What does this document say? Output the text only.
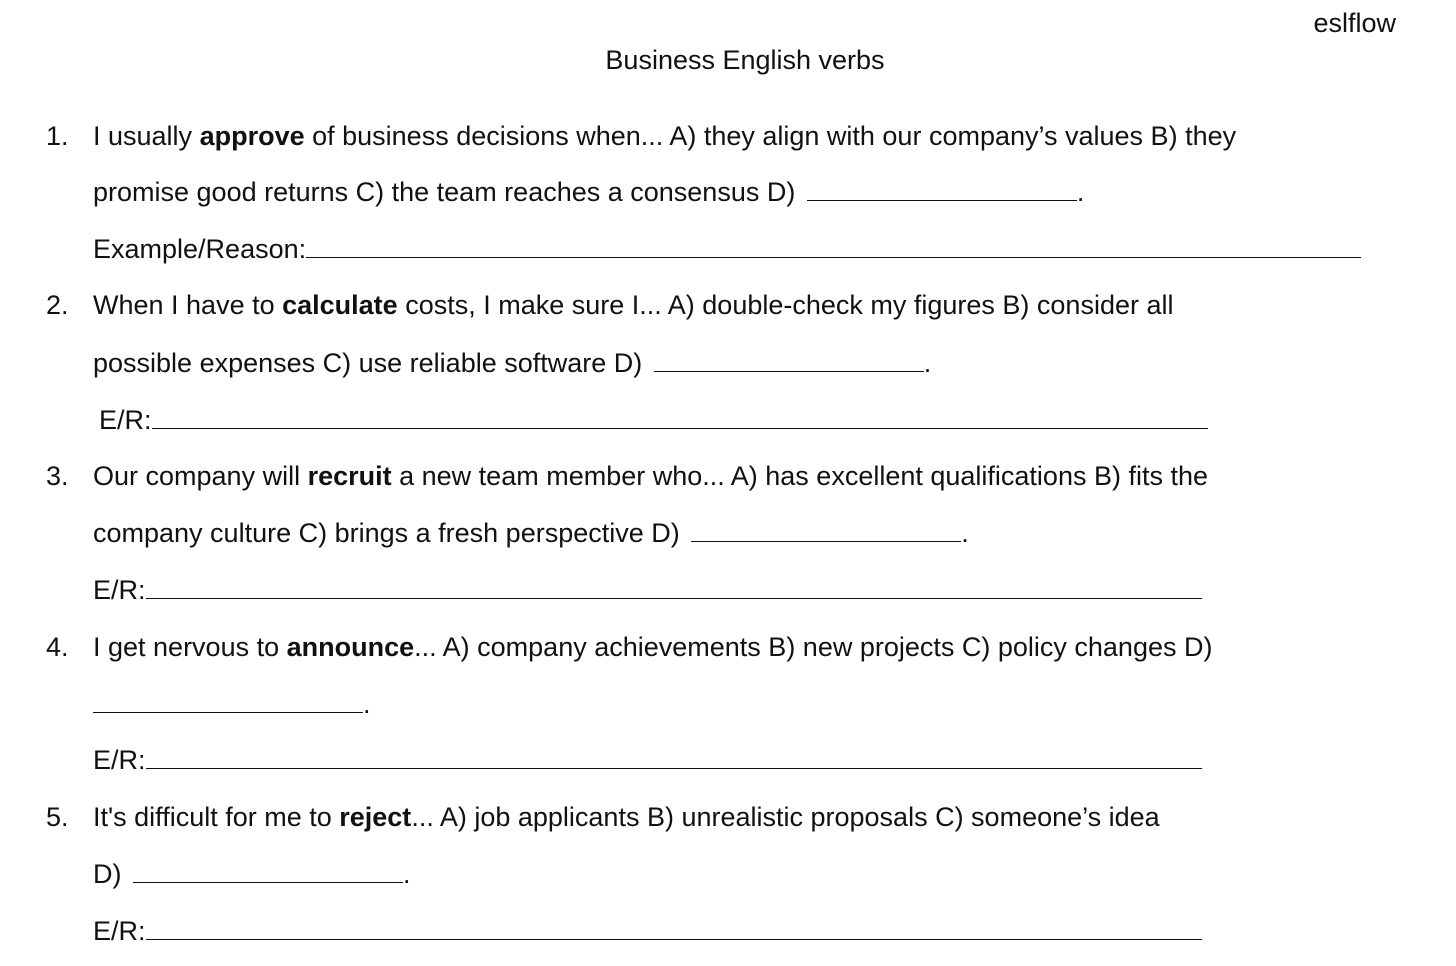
eslflow
Business English verbs
1. I usually approve of business decisions when... A) they align with our company’s values B) they
promise good returns C) the team reaches a consensus D)	.
Example/Reason:
2. When I have to calculate costs, I make sure I... A) double-check my figures B) consider all
possible expenses C) use reliable software D)	.
E/R:
3. Our company will recruit a new team member who... A) has excellent qualifications B) fits the
company culture C) brings a fresh perspective D)	.
E/R:
4. I get nervous to announce... A) company achievements B) new projects C) policy changes D)
.
E/R:
5. It's difficult for me to reject... A) job applicants B) unrealistic proposals C) someone’s idea
D)	.
E/R:
